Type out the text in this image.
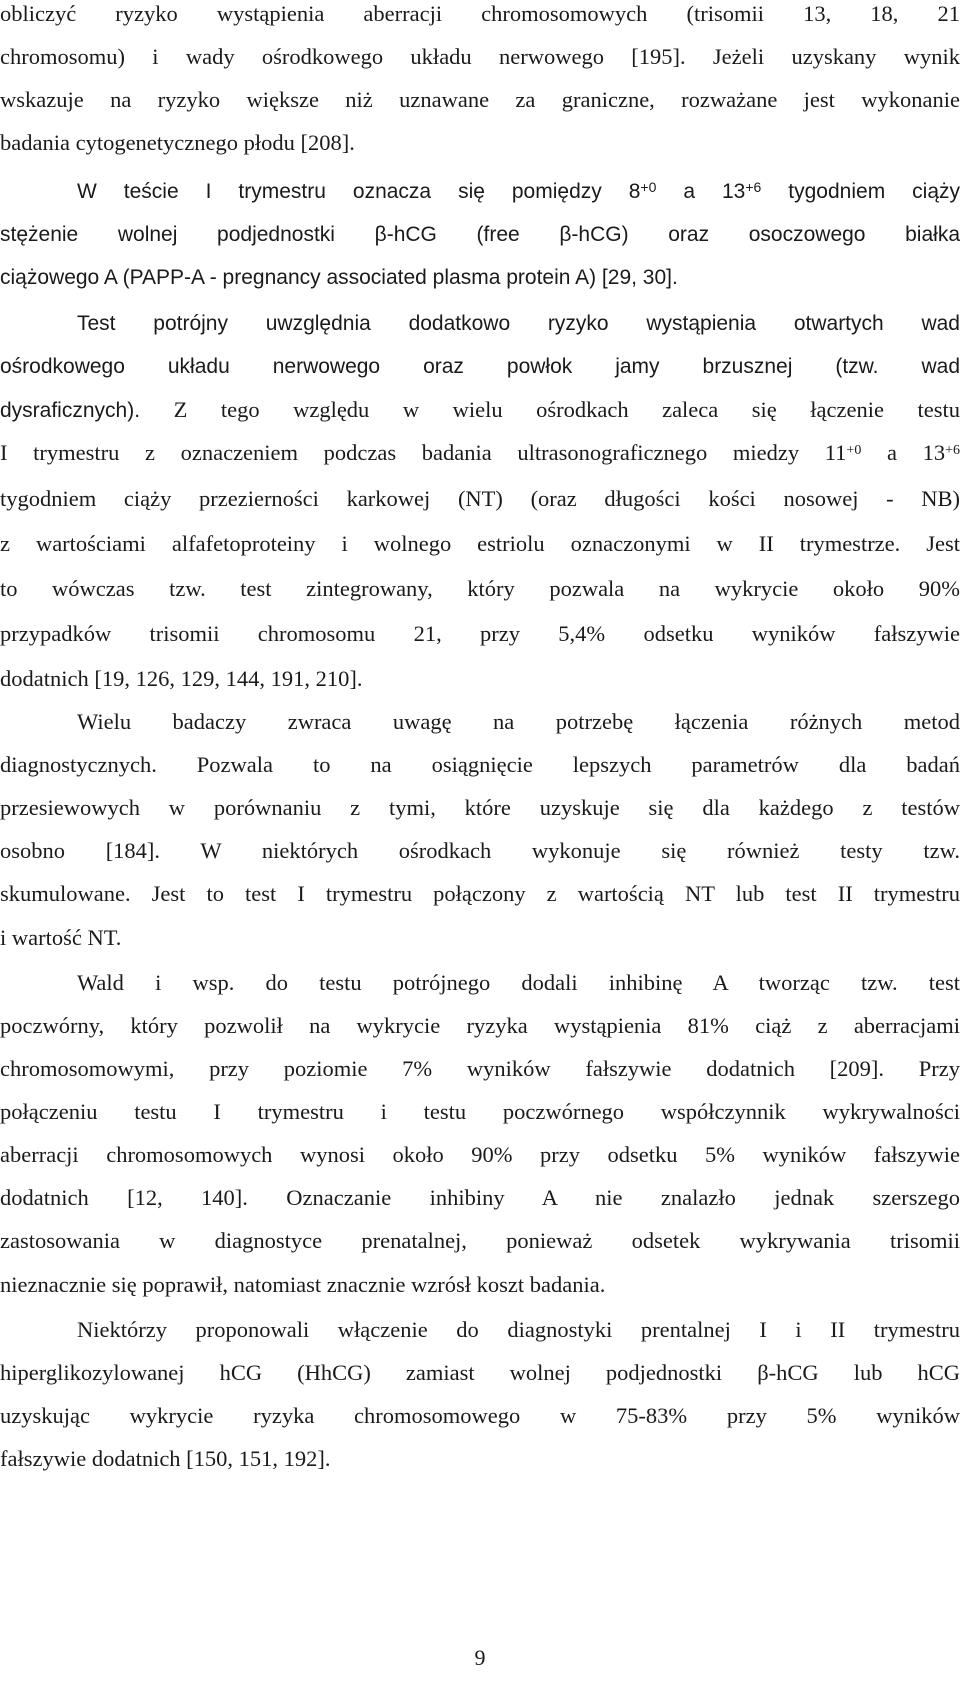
obliczyć ryzyko wystąpienia aberracji chromosomowych (trisomii 13, 18, 21

chromosomu) i wady ośrodkowego układu nerwowego [195]. Jeżeli uzyskany wynik

wskazuje na ryzyko większe niż uznawane za graniczne, rozważane jest wykonanie

badania cytogenetycznego płodu [208].

W teście I trymestru oznacza się pomiędzy $8^{+0}$ a $13^{+6}$ tygodniem ciąży

stężenie wolnej podjednostki β-hCG (free β-hCG) oraz osoczowego białka

ciążowego A (PAPP-A - pregnancy associated plasma protein A) [29, 30].

Test potrójny uwzględnia dodatkowo ryzyko wystąpienia otwartych wad

ośrodkowego układu nerwowego oraz powłok jamy brzusznej (tzw. wad

dysraficznych). Z tego względu w wielu ośrodkach zaleca się łączenie testu

I trymestru z oznaczeniem podczas badania ultrasonograficznego miedzy $11^{+0}$ a $13^{+6}$

tygodniem ciąży przezierności karkowej (NT) (oraz długości kości nosowej - NB)

z wartościami alfafetoproteiny i wolnego estriolu oznaczonymi w II trymestrze. Jest

to wówczas tzw. test zintegrowany, który pozwala na wykrycie około 90%

przypadków trisomii chromosomu 21, przy 5,4% odsetku wyników fałszywie

dodatnich [19, 126, 129, 144, 191, 210].

Wielu badaczy zwraca uwagę na potrzebę łączenia różnych metod

diagnostycznych. Pozwala to na osiągnięcie lepszych parametrów dla badań

przesiewowych w porównaniu z tymi, które uzyskuje się dla każdego z testów

osobno [184]. W niektórych ośrodkach wykonuje się również testy tzw.

skumulowane. Jest to test I trymestru połączony z wartością NT lub test II trymestru

i wartość NT.

Wald i wsp. do testu potrójnego dodali inhibinę A tworząc tzw. test

poczwórny, który pozwolił na wykrycie ryzyka wystąpienia 81% ciąż z aberracjami

chromosomowymi, przy poziomie 7% wyników fałszywie dodatnich [209]. Przy

połączeniu testu I trymestru i testu poczwórnego współczynnik wykrywalności

aberracji chromosomowych wynosi około 90% przy odsetku 5% wyników fałszywie

dodatnich [12, 140]. Oznaczanie inhibiny A nie znalazło jednak szerszego

zastosowania w diagnostyce prenatalnej, ponieważ odsetek wykrywania trisomii

nieznacznie się poprawił, natomiast znacznie wzrósł koszt badania.

Niektórzy proponowali włączenie do diagnostyki prentalnej I i II trymestru

hiperglikozylowanej hCG (HhCG) zamiast wolnej podjednostki β-hCG lub hCG

uzyskując wykrycie ryzyka chromosomowego w 75-83% przy 5% wyników

fałszywie dodatnich [150, 151, 192].

9
